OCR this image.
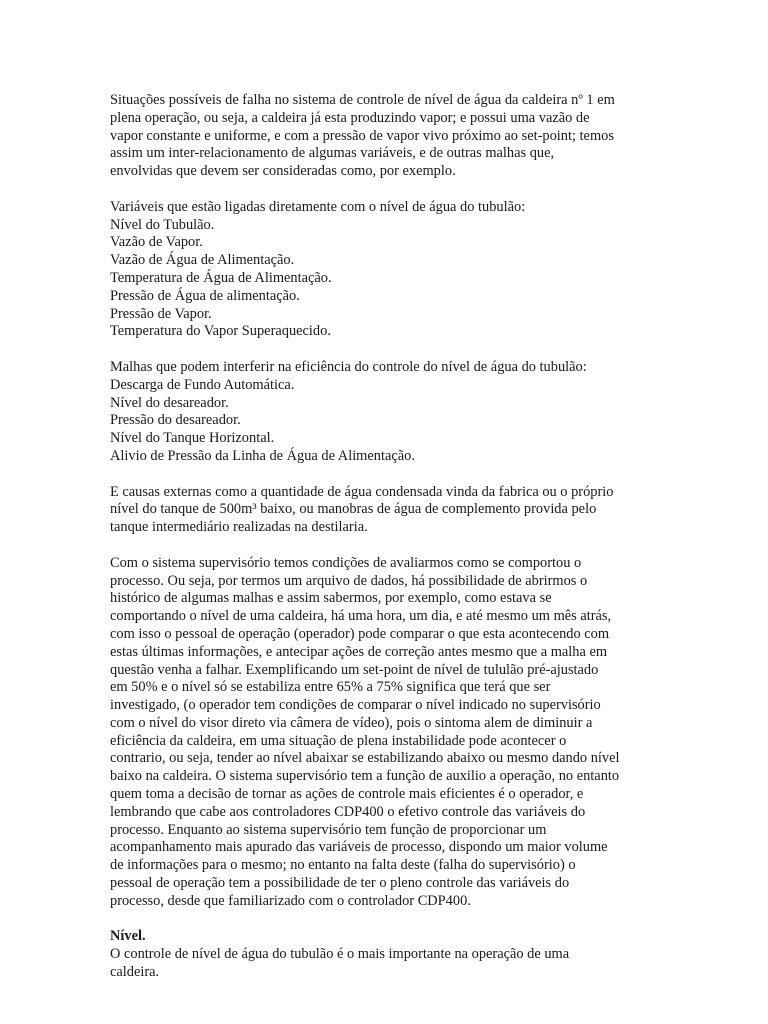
Situações possíveis de falha no sistema de controle de nível de água da caldeira nº 1 em
plena operação, ou seja, a caldeira já esta produzindo vapor; e possui uma vazão de
vapor constante e uniforme, e com a pressão de vapor vivo próximo ao set-point; temos
assim um inter-relacionamento de algumas variáveis, e de outras malhas que,
envolvidas que devem ser consideradas como, por exemplo.

Variáveis que estão ligadas diretamente com o nível de água do tubulão:
Nível do Tubulão.
Vazão de Vapor.
Vazão de Água de Alimentação.
Temperatura de Água de Alimentação.
Pressão de Água de alimentação.
Pressão de Vapor.
Temperatura do Vapor Superaquecido.

Malhas que podem interferir na eficiência do controle do nível de água do tubulão:
Descarga de Fundo Automática.
Nível do desareador.
Pressão do desareador.
Nível do Tanque Horizontal.
Alivio de Pressão da Linha de Água de Alimentação.

E causas externas como a quantidade de água condensada vinda da fabrica ou o próprio
nível do tanque de 500m³ baixo, ou manobras de água de complemento provida pelo
tanque intermediário realizadas na destilaria.

Com o sistema supervisório temos condições de avaliarmos como se comportou o
processo. Ou seja, por termos um arquivo de dados, há possibilidade de abrirmos o
histórico de algumas malhas e assim sabermos, por exemplo, como estava se
comportando o nível de uma caldeira, há uma hora, um dia, e até mesmo um mês atrás,
com isso o pessoal de operação (operador) pode comparar o que esta acontecendo com
estas últimas informações, e antecipar ações de correção antes mesmo que a malha em
questão venha a falhar. Exemplificando um set-point de nível de tululão pré-ajustado
em 50% e o nível só se estabiliza entre 65% a 75% significa que terá que ser
investigado, (o operador tem condições de comparar o nível indicado no supervisório
com o nível do visor direto via câmera de vídeo), pois o sintoma alem de diminuir a
eficiência da caldeira, em uma situação de plena instabilidade pode acontecer o
contrario, ou seja, tender ao nível abaixar se estabilizando abaixo ou mesmo dando nível
baixo na caldeira. O sistema supervisório tem a função de auxilio a operação, no entanto
quem toma a decisão de tornar as ações de controle mais eficientes é o operador, e
lembrando que cabe aos controladores CDP400 o efetivo controle das variáveis do
processo. Enquanto ao sistema supervisório tem função de proporcionar um
acompanhamento mais apurado das variáveis de processo, dispondo um maior volume
de informações para o mesmo; no entanto na falta deste (falha do supervisório) o
pessoal de operação tem a possibilidade de ter o pleno controle das variáveis do
processo, desde que familiarizado com o controlador CDP400.

Nível.
O controle de nível de água do tubulão é o mais importante na operação de uma
caldeira.
